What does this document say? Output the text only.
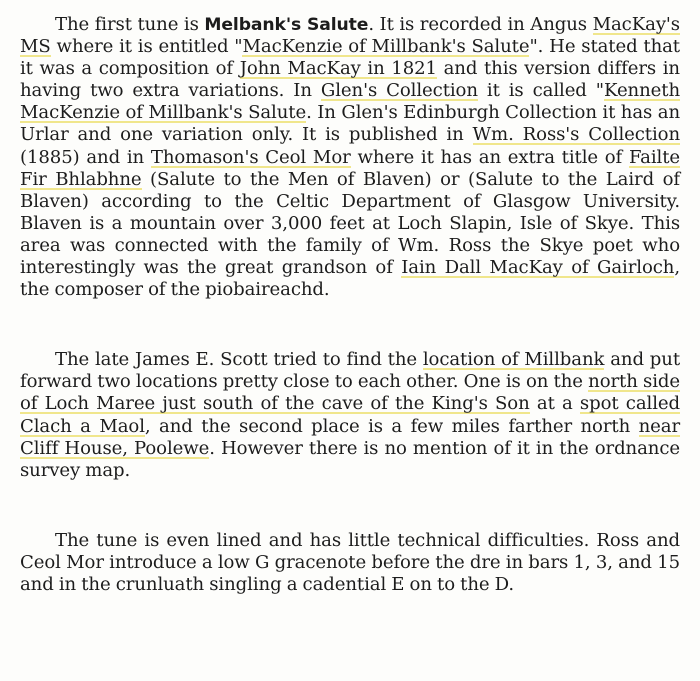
The first tune is Melbank's Salute. It is recorded in Angus MacKay's MS where it is entitled "MacKenzie of Millbank's Salute". He stated that it was a composition of John MacKay in 1821 and this version differs in having two extra variations. In Glen's Collection it is called "Kenneth MacKenzie of Millbank's Salute. In Glen's Edinburgh Collection it has an Urlar and one variation only. It is published in Wm. Ross's Collection (1885) and in Thomason's Ceol Mor where it has an extra title of Failte Fir Bhlabhne (Salute to the Men of Blaven) or (Salute to the Laird of Blaven) according to the Celtic Department of Glasgow University. Blaven is a mountain over 3,000 feet at Loch Slapin, Isle of Skye. This area was connected with the family of Wm. Ross the Skye poet who interestingly was the great grandson of Iain Dall MacKay of Gairloch, the composer of the piobaireachd.

The late James E. Scott tried to find the location of Millbank and put forward two locations pretty close to each other. One is on the north side of Loch Maree just south of the cave of the King's Son at a spot called Clach a Maol, and the second place is a few miles farther north near Cliff House, Poolewe. However there is no mention of it in the ordnance survey map.

The tune is even lined and has little technical difficulties. Ross and Ceol Mor introduce a low G gracenote before the dre in bars 1, 3, and 15 and in the crunluath singling a cadential E on to the D.
